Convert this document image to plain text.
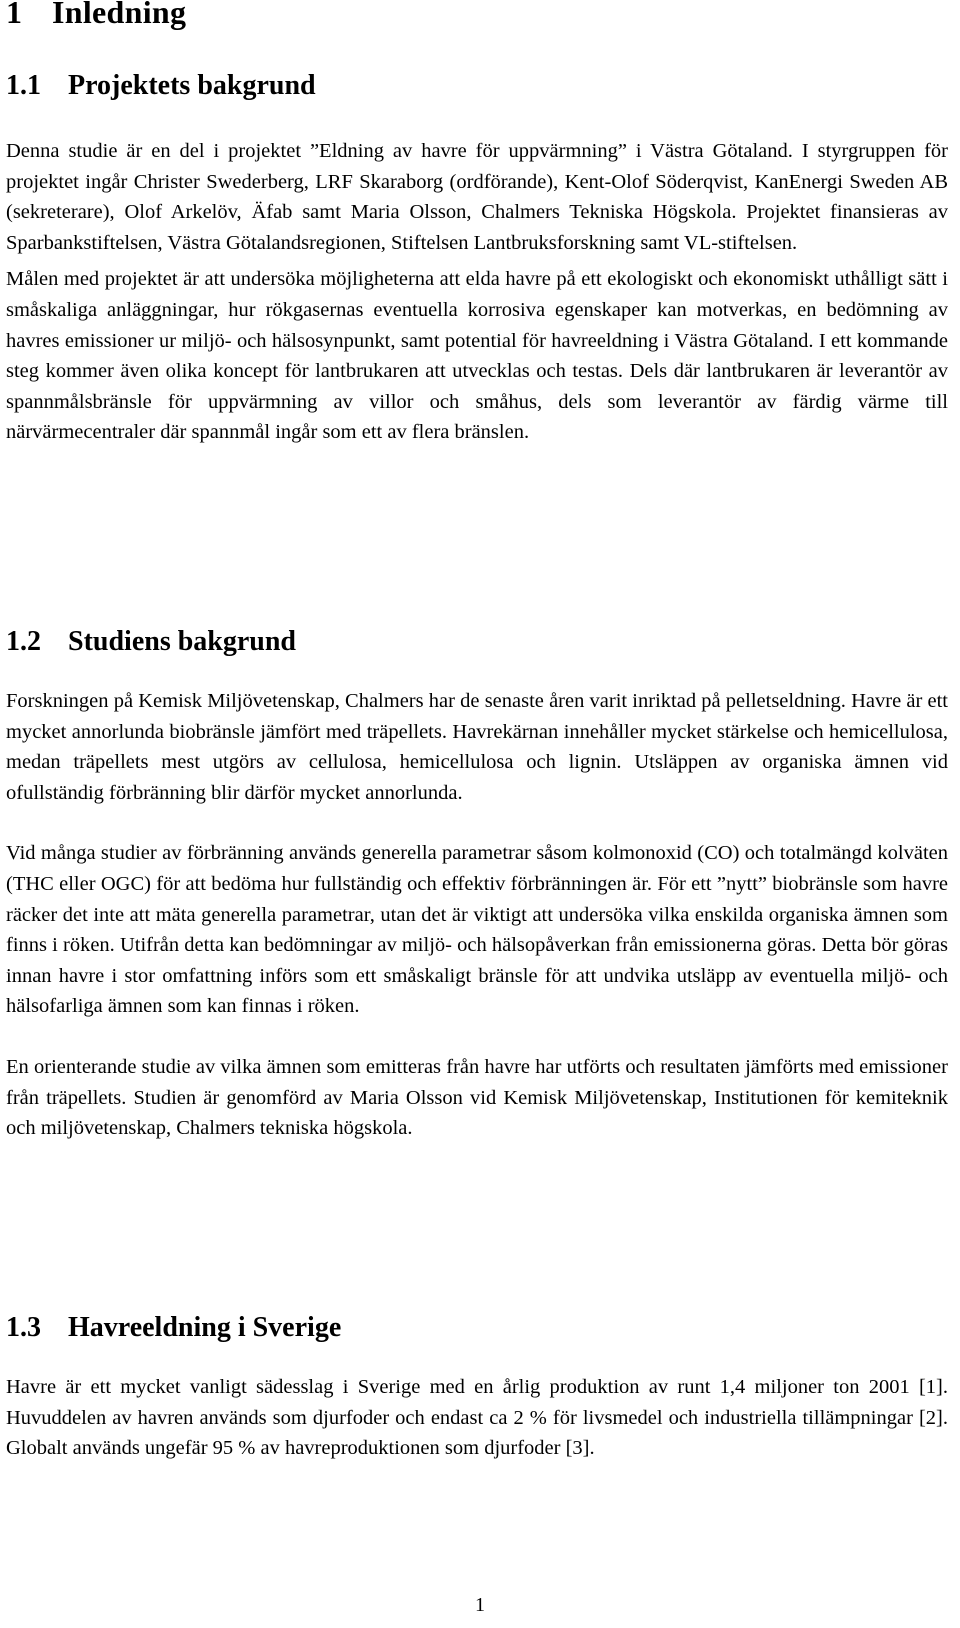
1 Inledning
1.1 Projektets bakgrund

Denna studie är en del i projektet ”Eldning av havre för uppvärmning” i Västra Götaland. I styrgruppen för projektet ingår Christer Swederberg, LRF Skaraborg (ordförande), Kent-Olof Söderqvist, KanEnergi Sweden AB (sekreterare), Olof Arkelöv, Äfab samt Maria Olsson, Chalmers Tekniska Högskola. Projektet finansieras av Sparbankstiftelsen, Västra Götalandsregionen, Stiftelsen Lantbruksforskning samt VL-stiftelsen.

Målen med projektet är att undersöka möjligheterna att elda havre på ett ekologiskt och ekonomiskt uthålligt sätt i småskaliga anläggningar, hur rökgasernas eventuella korrosiva egenskaper kan motverkas, en bedömning av havres emissioner ur miljö- och hälsosynpunkt, samt potential för havreeldning i Västra Götaland. I ett kommande steg kommer även olika koncept för lantbrukaren att utvecklas och testas. Dels där lantbrukaren är leverantör av spannmålsbränsle för uppvärmning av villor och småhus, dels som leverantör av färdig värme till närvärmecentraler där spannmål ingår som ett av flera bränslen.

1.2 Studiens bakgrund

Forskningen på Kemisk Miljövetenskap, Chalmers har de senaste åren varit inriktad på pelletseldning. Havre är ett mycket annorlunda biobränsle jämfört med träpellets. Havrekärnan innehåller mycket stärkelse och hemicellulosa, medan träpellets mest utgörs av cellulosa, hemicellulosa och lignin. Utsläppen av organiska ämnen vid ofullständig förbränning blir därför mycket annorlunda.

Vid många studier av förbränning används generella parametrar såsom kolmonoxid (CO) och totalmängd kolväten (THC eller OGC) för att bedöma hur fullständig och effektiv förbränningen är. För ett ”nytt” biobränsle som havre räcker det inte att mäta generella parametrar, utan det är viktigt att undersöka vilka enskilda organiska ämnen som finns i röken. Utifrån detta kan bedömningar av miljö- och hälsopåverkan från emissionerna göras. Detta bör göras innan havre i stor omfattning införs som ett småskaligt bränsle för att undvika utsläpp av eventuella miljö- och hälsofarliga ämnen som kan finnas i röken.

En orienterande studie av vilka ämnen som emitteras från havre har utförts och resultaten jämförts med emissioner från träpellets. Studien är genomförd av Maria Olsson vid Kemisk Miljövetenskap, Institutionen för kemiteknik och miljövetenskap, Chalmers tekniska högskola.

1.3 Havreeldning i Sverige

Havre är ett mycket vanligt sädesslag i Sverige med en årlig produktion av runt 1,4 miljoner ton 2001 [1]. Huvuddelen av havren används som djurfoder och endast ca 2 % för livsmedel och industriella tillämpningar [2]. Globalt används ungefär 95 % av havreproduktionen som djurfoder [3].

1
